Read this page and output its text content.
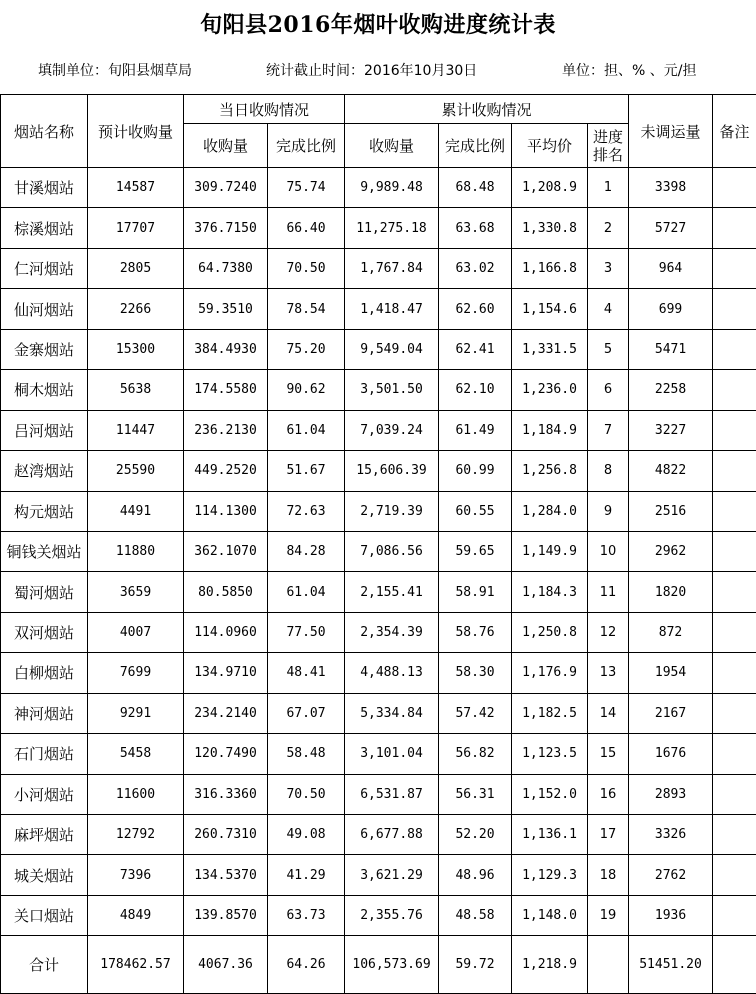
旬阳县2016年烟叶收购进度统计表
填制单位：旬阳县烟草局	统计截止时间：2016年10月30日	单位：担、% 、元/担
烟站名称	预计收购量	当日收购情况		累计收购情况				未调运量	备注
		收购量	完成比例	收购量	完成比例	平均价	进度排名		
甘溪烟站	14587	309.7240	75.74	9,989.48	68.48	1,208.9	1	3398	
棕溪烟站	17707	376.7150	66.40	11,275.18	63.68	1,330.8	2	5727	
仁河烟站	2805	64.7380	70.50	1,767.84	63.02	1,166.8	3	964	
仙河烟站	2266	59.3510	78.54	1,418.47	62.60	1,154.6	4	699	
金寨烟站	15300	384.4930	75.20	9,549.04	62.41	1,331.5	5	5471	
桐木烟站	5638	174.5580	90.62	3,501.50	62.10	1,236.0	6	2258	
吕河烟站	11447	236.2130	61.04	7,039.24	61.49	1,184.9	7	3227	
赵湾烟站	25590	449.2520	51.67	15,606.39	60.99	1,256.8	8	4822	
构元烟站	4491	114.1300	72.63	2,719.39	60.55	1,284.0	9	2516	
铜钱关烟站	11880	362.1070	84.28	7,086.56	59.65	1,149.9	10	2962	
蜀河烟站	3659	80.5850	61.04	2,155.41	58.91	1,184.3	11	1820	
双河烟站	4007	114.0960	77.50	2,354.39	58.76	1,250.8	12	872	
白柳烟站	7699	134.9710	48.41	4,488.13	58.30	1,176.9	13	1954	
神河烟站	9291	234.2140	67.07	5,334.84	57.42	1,182.5	14	2167	
石门烟站	5458	120.7490	58.48	3,101.04	56.82	1,123.5	15	1676	
小河烟站	11600	316.3360	70.50	6,531.87	56.31	1,152.0	16	2893	
麻坪烟站	12792	260.7310	49.08	6,677.88	52.20	1,136.1	17	3326	
城关烟站	7396	134.5370	41.29	3,621.29	48.96	1,129.3	18	2762	
关口烟站	4849	139.8570	63.73	2,355.76	48.58	1,148.0	19	1936	
合计	178462.57	4067.36	64.26	106,573.69	59.72	1,218.9		51451.20	
